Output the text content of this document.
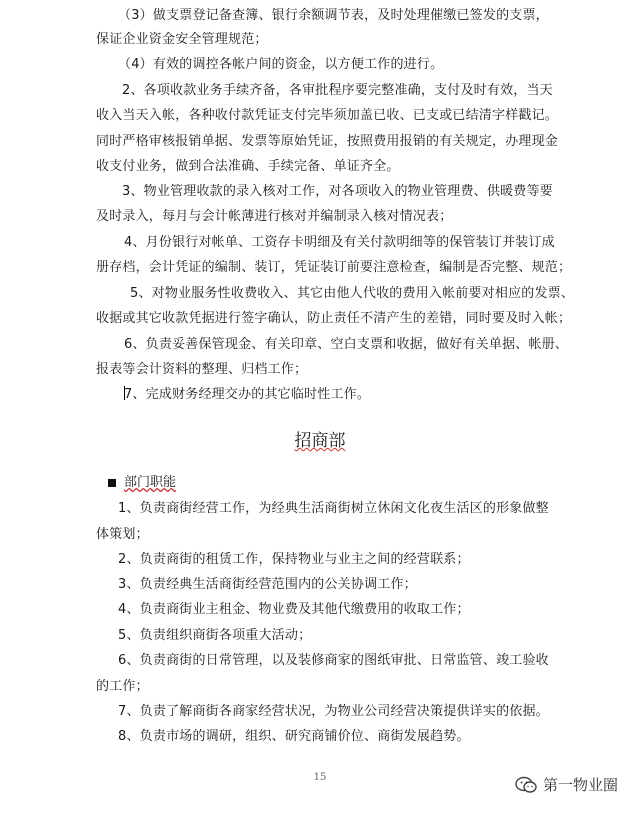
（3）做支票登记备查簿、银行余额调节表，及时处理催缴已签发的支票，
保证企业资金安全管理规范；
（4）有效的调控各帐户间的资金，以方便工作的进行。
2、各项收款业务手续齐备，各审批程序要完整准确，支付及时有效，当天
收入当天入帐，各种收付款凭证支付完毕须加盖已收、已支或已结清字样戳记。
同时严格审核报销单据、发票等原始凭证，按照费用报销的有关规定，办理现金
收支付业务，做到合法准确、手续完备、单证齐全。
3、物业管理收款的录入核对工作，对各项收入的物业管理费、供暖费等要
及时录入，每月与会计帐薄进行核对并编制录入核对情况表；
4、月份银行对帐单、工资存卡明细及有关付款明细等的保管装订并装订成
册存档，会计凭证的编制、装订，凭证装订前要注意检查，编制是否完整、规范；
5、对物业服务性收费收入、其它由他人代收的费用入帐前要对相应的发票、
收据或其它收款凭据进行签字确认，防止责任不清产生的差错，同时要及时入帐；
6、负责妥善保管现金、有关印章、空白支票和收据，做好有关单据、帐册、
报表等会计资料的整理、归档工作；
7、完成财务经理交办的其它临时性工作。
招商部
部门职能
1、负责商街经营工作，为经典生活商街树立休闲文化夜生活区的形象做整
体策划；
2、负责商街的租赁工作，保持物业与业主之间的经营联系；
3、负责经典生活商街经营范围内的公关协调工作；
4、负责商街业主租金、物业费及其他代缴费用的收取工作；
5、负责组织商街各项重大活动；
6、负责商街的日常管理，以及装修商家的图纸审批、日常监管、竣工验收
的工作；
7、负责了解商街各商家经营状况，为物业公司经营决策提供详实的依据。
8、负责市场的调研，组织、研究商铺价位、商街发展趋势。
15	第一物业圈
